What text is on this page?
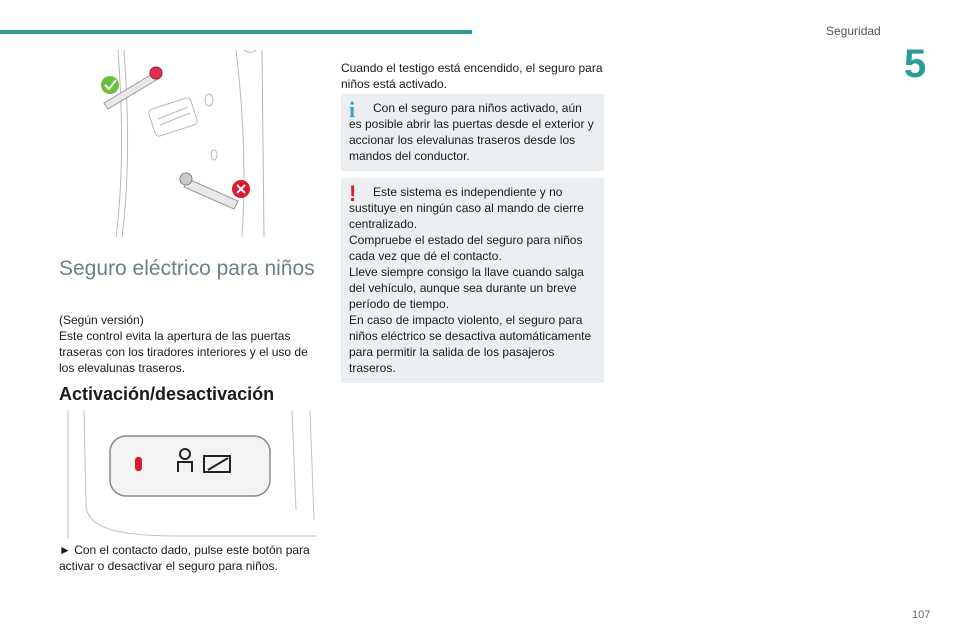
Seguridad
5
Seguro eléctrico para niños
(Según versión)
Este control evita la apertura de las puertas traseras con los tiradores interiores y el uso de los elevalunas traseros.
Activación/desactivación
► Con el contacto dado, pulse este botón para activar o desactivar el seguro para niños.
Cuando el testigo está encendido, el seguro para niños está activado.
i	Con el seguro para niños activado, aún es posible abrir las puertas desde el exterior y accionar los elevalunas traseros desde los mandos del conductor.
!	Este sistema es independiente y no sustituye en ningún caso al mando de cierre centralizado.
Compruebe el estado del seguro para niños cada vez que dé el contacto.
Lleve siempre consigo la llave cuando salga del vehículo, aunque sea durante un breve período de tiempo.
En caso de impacto violento, el seguro para niños eléctrico se desactiva automáticamente para permitir la salida de los pasajeros traseros.
107
